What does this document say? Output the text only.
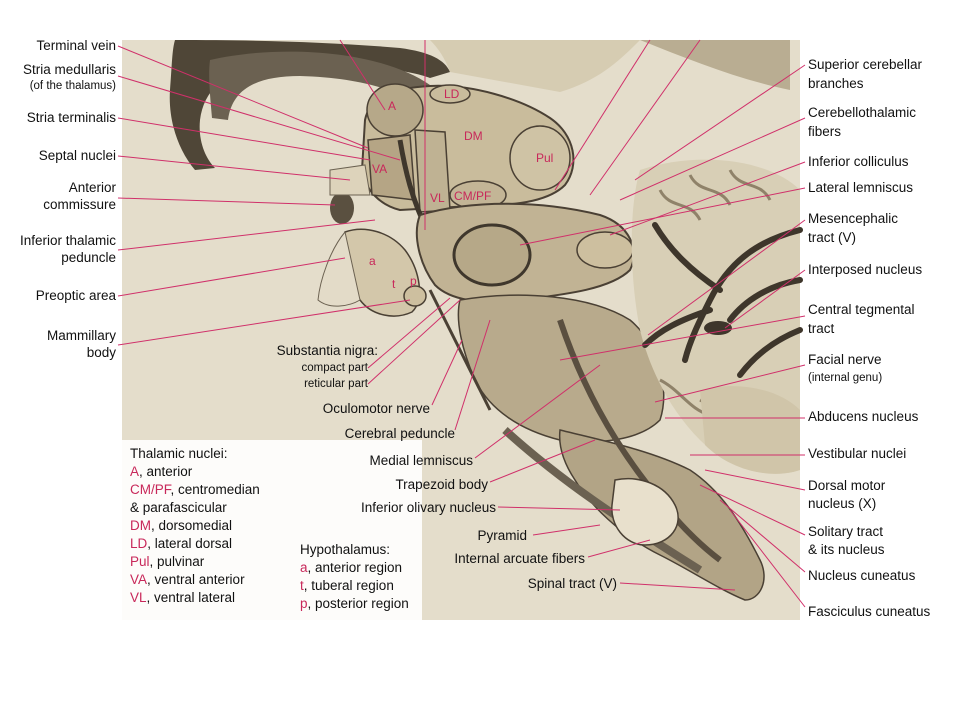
A
LD
DM
Pul
VA
VL CM/PF
a
t p
Terminal vein
Stria medullaris
(of the thalamus)
Stria terminalis
Septal nuclei
Anterior
commissure
Inferior thalamic
peduncle
Preoptic area
Mammillary
body
Superior cerebellar
branches
Cerebellothalamic
fibers
Inferior colliculus
Lateral lemniscus
Mesencephalic
tract (V)
Interposed nucleus
Central tegmental
tract
Facial nerve
(internal genu)
Abducens nucleus
Vestibular nuclei
Dorsal motor
nucleus (X)
Solitary tract
& its nucleus
Nucleus cuneatus
Fasciculus cuneatus
Substantia nigra:
compact part
reticular part
Oculomotor nerve
Cerebral peduncle
Medial lemniscus
Trapezoid body
Inferior olivary nucleus
Pyramid
Internal arcuate fibers
Spinal tract (V)
Thalamic nuclei:
A, anterior
CM/PF, centromedian
& parafascicular
DM, dorsomedial
LD, lateral dorsal
Pul, pulvinar
VA, ventral anterior
VL, ventral lateral
Hypothalamus:
a, anterior region
t, tuberal region
p, posterior region
